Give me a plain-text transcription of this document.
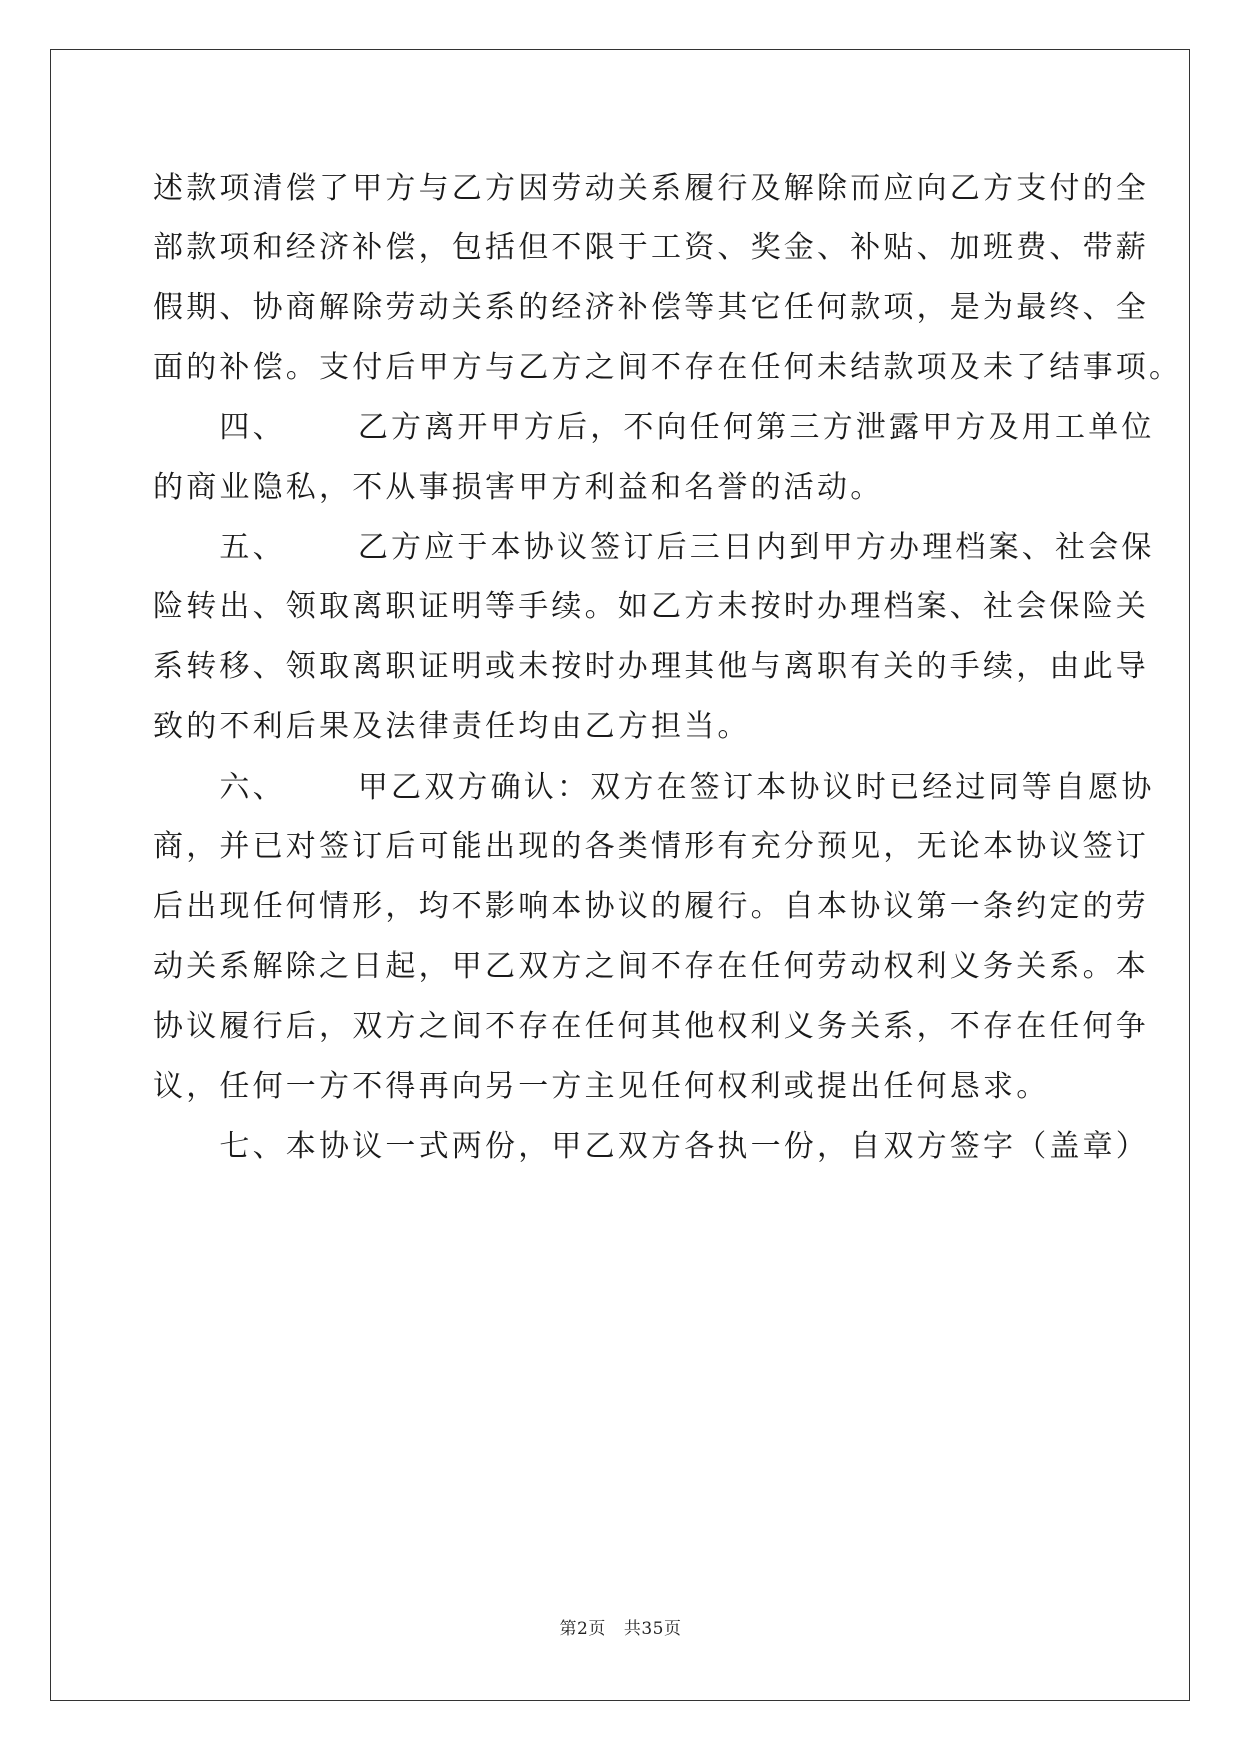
述款项清偿了甲方与乙方因劳动关系履行及解除而应向乙方支付的全

部款项和经济补偿，包括但不限于工资、奖金、补贴、加班费、带薪

假期、协商解除劳动关系的经济补偿等其它任何款项，是为最终、全

面的补偿。支付后甲方与乙方之间不存在任何未结款项及未了结事项。

　　四、 乙方离开甲方后，不向任何第三方泄露甲方及用工单位

的商业隐私，不从事损害甲方利益和名誉的活动。

　　五、 乙方应于本协议签订后三日内到甲方办理档案、社会保

险转出、领取离职证明等手续。如乙方未按时办理档案、社会保险关

系转移、领取离职证明或未按时办理其他与离职有关的手续，由此导

致的不利后果及法律责任均由乙方担当。

　　六、 甲乙双方确认：双方在签订本协议时已经过同等自愿协

商，并已对签订后可能出现的各类情形有充分预见，无论本协议签订

后出现任何情形，均不影响本协议的履行。自本协议第一条约定的劳

动关系解除之日起，甲乙双方之间不存在任何劳动权利义务关系。本

协议履行后，双方之间不存在任何其他权利义务关系，不存在任何争

议，任何一方不得再向另一方主见任何权利或提出任何恳求。

　　七、本协议一式两份，甲乙双方各执一份，自双方签字（盖章）

第2页 共35页
